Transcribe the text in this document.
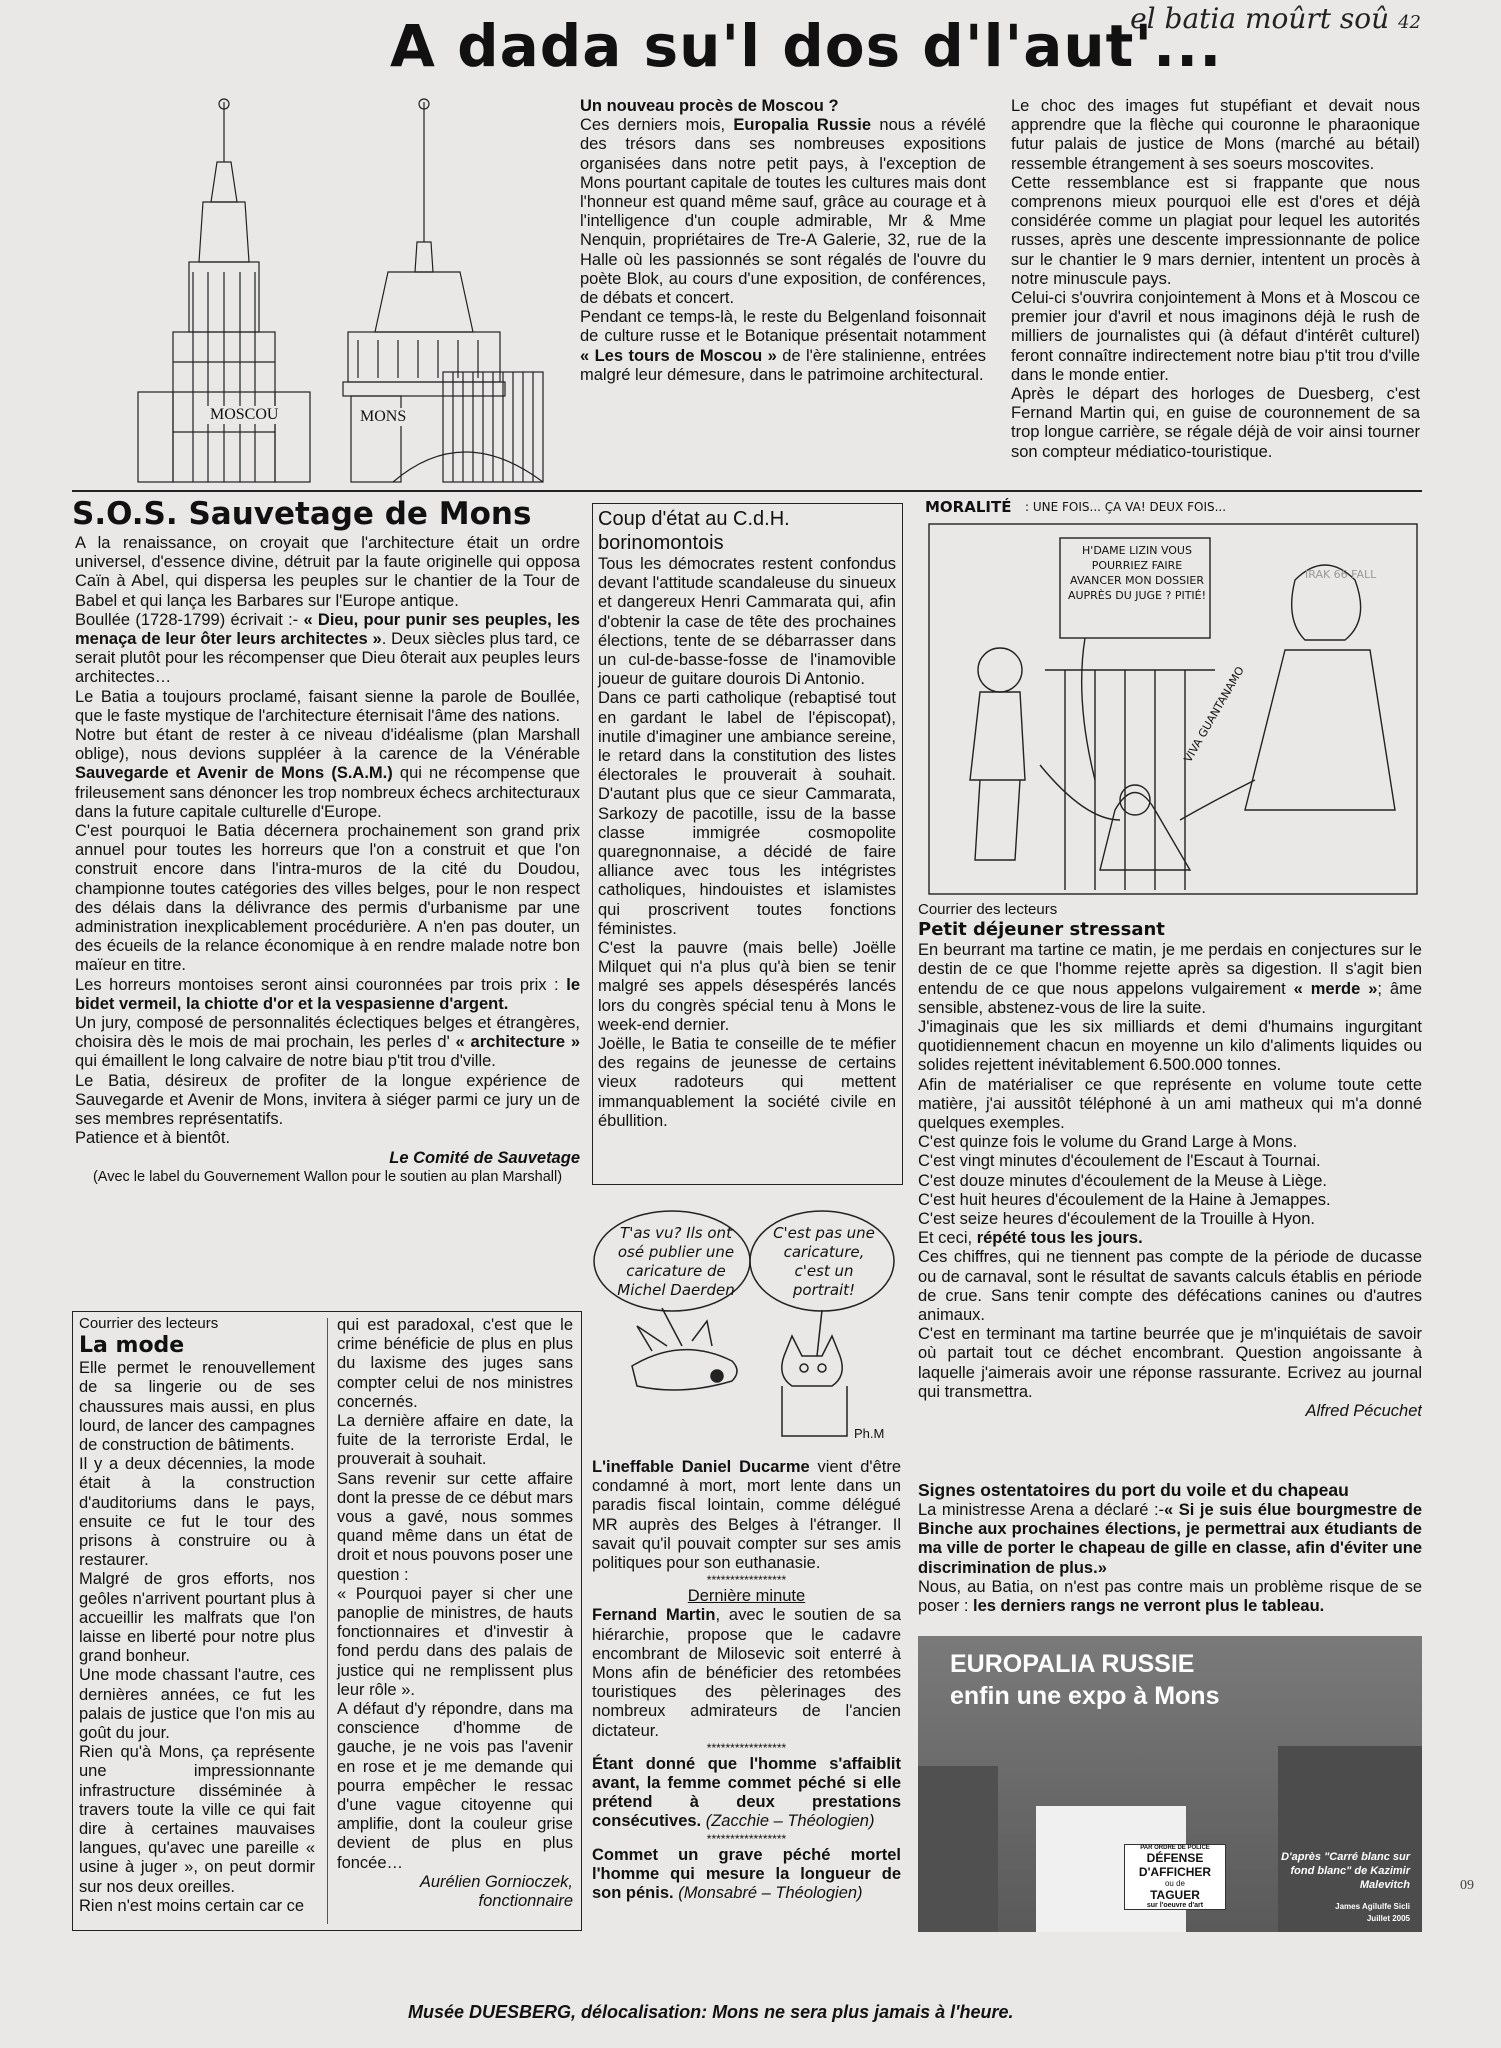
el batia moûrt soû 42
A dada su'l dos d'l'aut'...
MOSCOU	MONS
Un nouveau procès de Moscou ?

Ces derniers mois, Europalia Russie nous a révélé des trésors dans ses nombreuses expositions organisées dans notre petit pays, à l'exception de Mons pourtant capitale de toutes les cultures mais dont l'honneur est quand même sauf, grâce au courage et à l'intelligence d'un couple admirable, Mr & Mme Nenquin, propriétaires de Tre-A Galerie, 32, rue de la Halle où les passionnés se sont régalés de l'ouvre du poète Blok, au cours d'une exposition, de conférences, de débats et concert.

Pendant ce temps-là, le reste du Belgenland foisonnait de culture russe et le Botanique présentait notamment « Les tours de Moscou » de l'ère stalinienne, entrées malgré leur démesure, dans le patrimoine architectural.

Le choc des images fut stupéfiant et devait nous apprendre que la flèche qui couronne le pharaonique futur palais de justice de Mons (marché au bétail) ressemble étrangement à ses soeurs moscovites.

Cette ressemblance est si frappante que nous comprenons mieux pourquoi elle est d'ores et déjà considérée comme un plagiat pour lequel les autorités russes, après une descente impressionnante de police sur le chantier le 9 mars dernier, intentent un procès à notre minuscule pays.

Celui-ci s'ouvrira conjointement à Mons et à Moscou ce premier jour d'avril et nous imaginons déjà le rush de milliers de journalistes qui (à défaut d'intérêt culturel) feront connaître indirectement notre biau p'tit trou d'ville dans le monde entier.

Après le départ des horloges de Duesberg, c'est Fernand Martin qui, en guise de couronnement de sa trop longue carrière, se régale déjà de voir ainsi tourner son compteur médiatico-touristique.

S.O.S. Sauvetage de Mons

A la renaissance, on croyait que l'architecture était un ordre universel, d'essence divine, détruit par la faute originelle qui opposa Caïn à Abel, qui dispersa les peuples sur le chantier de la Tour de Babel et qui lança les Barbares sur l'Europe antique.

Boullée (1728-1799) écrivait :- « Dieu, pour punir ses peuples, les menaça de leur ôter leurs architectes ». Deux siècles plus tard, ce serait plutôt pour les récompenser que Dieu ôterait aux peuples leurs architectes…

Le Batia a toujours proclamé, faisant sienne la parole de Boullée, que le faste mystique de l'architecture éternisait l'âme des nations.

Notre but étant de rester à ce niveau d'idéalisme (plan Marshall oblige), nous devions suppléer à la carence de la Vénérable Sauvegarde et Avenir de Mons (S.A.M.) qui ne récompense que frileusement sans dénoncer les trop nombreux échecs architecturaux dans la future capitale culturelle d'Europe.

C'est pourquoi le Batia décernera prochainement son grand prix annuel pour toutes les horreurs que l'on a construit et que l'on construit encore dans l'intra-muros de la cité du Doudou, championne toutes catégories des villes belges, pour le non respect des délais dans la délivrance des permis d'urbanisme par une administration inexplicablement procédurière. A n'en pas douter, un des écueils de la relance économique à en rendre malade notre bon maïeur en titre.

Les horreurs montoises seront ainsi couronnées par trois prix : le bidet vermeil, la chiotte d'or et la vespasienne d'argent.

Un jury, composé de personnalités éclectiques belges et étrangères, choisira dès le mois de mai prochain, les perles d' « architecture » qui émaillent le long calvaire de notre biau p'tit trou d'ville.

Le Batia, désireux de profiter de la longue expérience de Sauvegarde et Avenir de Mons, invitera à siéger parmi ce jury un de ses membres représentatifs.

Patience et à bientôt.

Le Comité de Sauvetage

(Avec le label du Gouvernement Wallon pour le soutien au plan Marshall)

Courrier des lecteurs
La mode

Elle permet le renouvellement de sa lingerie ou de ses chaussures mais aussi, en plus lourd, de lancer des campagnes de construction de bâtiments.

Il y a deux décennies, la mode était à la construction d'auditoriums dans le pays, ensuite ce fut le tour des prisons à construire ou à restaurer.

Malgré de gros efforts, nos geôles n'arrivent pourtant plus à accueillir les malfrats que l'on laisse en liberté pour notre plus grand bonheur.

Une mode chassant l'autre, ces dernières années, ce fut les palais de justice que l'on mis au goût du jour.

Rien qu'à Mons, ça représente une impressionnante infrastructure disséminée à travers toute la ville ce qui fait dire à certaines mauvaises langues, qu'avec une pareille « usine à juger », on peut dormir sur nos deux oreilles.

Rien n'est moins certain car ce

qui est paradoxal, c'est que le crime bénéficie de plus en plus du laxisme des juges sans compter celui de nos ministres concernés.

La dernière affaire en date, la fuite de la terroriste Erdal, le prouverait à souhait.

Sans revenir sur cette affaire dont la presse de ce début mars vous a gavé, nous sommes quand même dans un état de droit et nous pouvons poser une question :

« Pourquoi payer si cher une panoplie de ministres, de hauts fonctionnaires et d'investir à fond perdu dans des palais de justice qui ne remplissent plus leur rôle ».

A défaut d'y répondre, dans ma conscience d'homme de gauche, je ne vois pas l'avenir en rose et je me demande qui pourra empêcher le ressac d'une vague citoyenne qui amplifie, dont la couleur grise devient de plus en plus foncée…

Aurélien Gornioczek,

fonctionnaire

Coup d'état au C.d.H. borinomontois

Tous les démocrates restent confondus devant l'attitude scandaleuse du sinueux et dangereux Henri Cammarata qui, afin d'obtenir la case de tête des prochaines élections, tente de se débarrasser dans un cul-de-basse-fosse de l'inamovible joueur de guitare dourois Di Antonio.

Dans ce parti catholique (rebaptisé tout en gardant le label de l'épiscopat), inutile d'imaginer une ambiance sereine, le retard dans la constitution des listes électorales le prouverait à souhait. D'autant plus que ce sieur Cammarata, Sarkozy de pacotille, issu de la basse classe immigrée cosmopolite quaregnonnaise, a décidé de faire alliance avec tous les intégristes catholiques, hindouistes et islamistes qui proscrivent toutes fonctions féministes.

C'est la pauvre (mais belle) Joëlle Milquet qui n'a plus qu'à bien se tenir malgré ses appels désespérés lancés lors du congrès spécial tenu à Mons le week-end dernier.

Joëlle, le Batia te conseille de te méfier des regains de jeunesse de certains vieux radoteurs qui mettent immanquablement la société civile en ébullition.

T'as vu? Ils ont osé publier une caricature de Michel Daerden
C'est pas une caricature, c'est un portrait!
Ph.M

L'ineffable Daniel Ducarme vient d'être condamné à mort, mort lente dans un paradis fiscal lointain, comme délégué MR auprès des Belges à l'étranger. Il savait qu'il pouvait compter sur ses amis politiques pour son euthanasie.

*****************

Dernière minute

Fernand Martin, avec le soutien de sa hiérarchie, propose que le cadavre encombrant de Milosevic soit enterré à Mons afin de bénéficier des retombées touristiques des pèlerinages des nombreux admirateurs de l'ancien dictateur.

*****************

Étant donné que l'homme s'affaiblit avant, la femme commet péché si elle prétend à deux prestations consécutives. (Zacchie – Théologien)

*****************

Commet un grave péché mortel l'homme qui mesure la longueur de son pénis. (Monsabré – Théologien)

MORALITÉ : UNE FOIS... ÇA VA! DEUX FOIS...
H'DAME LIZIN VOUS POURRIEZ FAIRE AVANCER MON DOSSIER AUPRÈS DU JUGE ? PITIÉ!
VIVA GUANTANAMO
IRAK 66 FALL
Courrier des lecteurs
Petit déjeuner stressant

En beurrant ma tartine ce matin, je me perdais en conjectures sur le destin de ce que l'homme rejette après sa digestion. Il s'agit bien entendu de ce que nous appelons vulgairement « merde »; âme sensible, abstenez-vous de lire la suite.

J'imaginais que les six milliards et demi d'humains ingurgitant quotidiennement chacun en moyenne un kilo d'aliments liquides ou solides rejettent inévitablement 6.500.000 tonnes.

Afin de matérialiser ce que représente en volume toute cette matière, j'ai aussitôt téléphoné à un ami matheux qui m'a donné quelques exemples.

C'est quinze fois le volume du Grand Large à Mons.

C'est vingt minutes d'écoulement de l'Escaut à Tournai.

C'est douze minutes d'écoulement de la Meuse à Liège.

C'est huit heures d'écoulement de la Haine à Jemappes.

C'est seize heures d'écoulement de la Trouille à Hyon.

Et ceci, répété tous les jours.

Ces chiffres, qui ne tiennent pas compte de la période de ducasse ou de carnaval, sont le résultat de savants calculs établis en période de crue. Sans tenir compte des défécations canines ou d'autres animaux.

C'est en terminant ma tartine beurrée que je m'inquiétais de savoir où partait tout ce déchet encombrant. Question angoissante à laquelle j'aimerais avoir une réponse rassurante. Ecrivez au journal qui transmettra.

Alfred Pécuchet

Signes ostentatoires du port du voile et du chapeau

La ministresse Arena a déclaré :-« Si je suis élue bourgmestre de Binche aux prochaines élections, je permettrai aux étudiants de ma ville de porter le chapeau de gille en classe, afin d'éviter une discrimination de plus.»

Nous, au Batia, on n'est pas contre mais un problème risque de se poser : les derniers rangs ne verront plus le tableau.

EUROPALIA RUSSIE
enfin une expo à Mons
PAR ORDRE DE POLICE
DÉFENSE
D'AFFICHER
ou de
TAGUER
sur l'oeuvre d'art
D'après "Carré blanc sur fond blanc" de Kazimir Malevitch
James Agilulfe Sicli
Juillet 2005
09
Musée DUESBERG, délocalisation: Mons ne sera plus jamais à l'heure.
